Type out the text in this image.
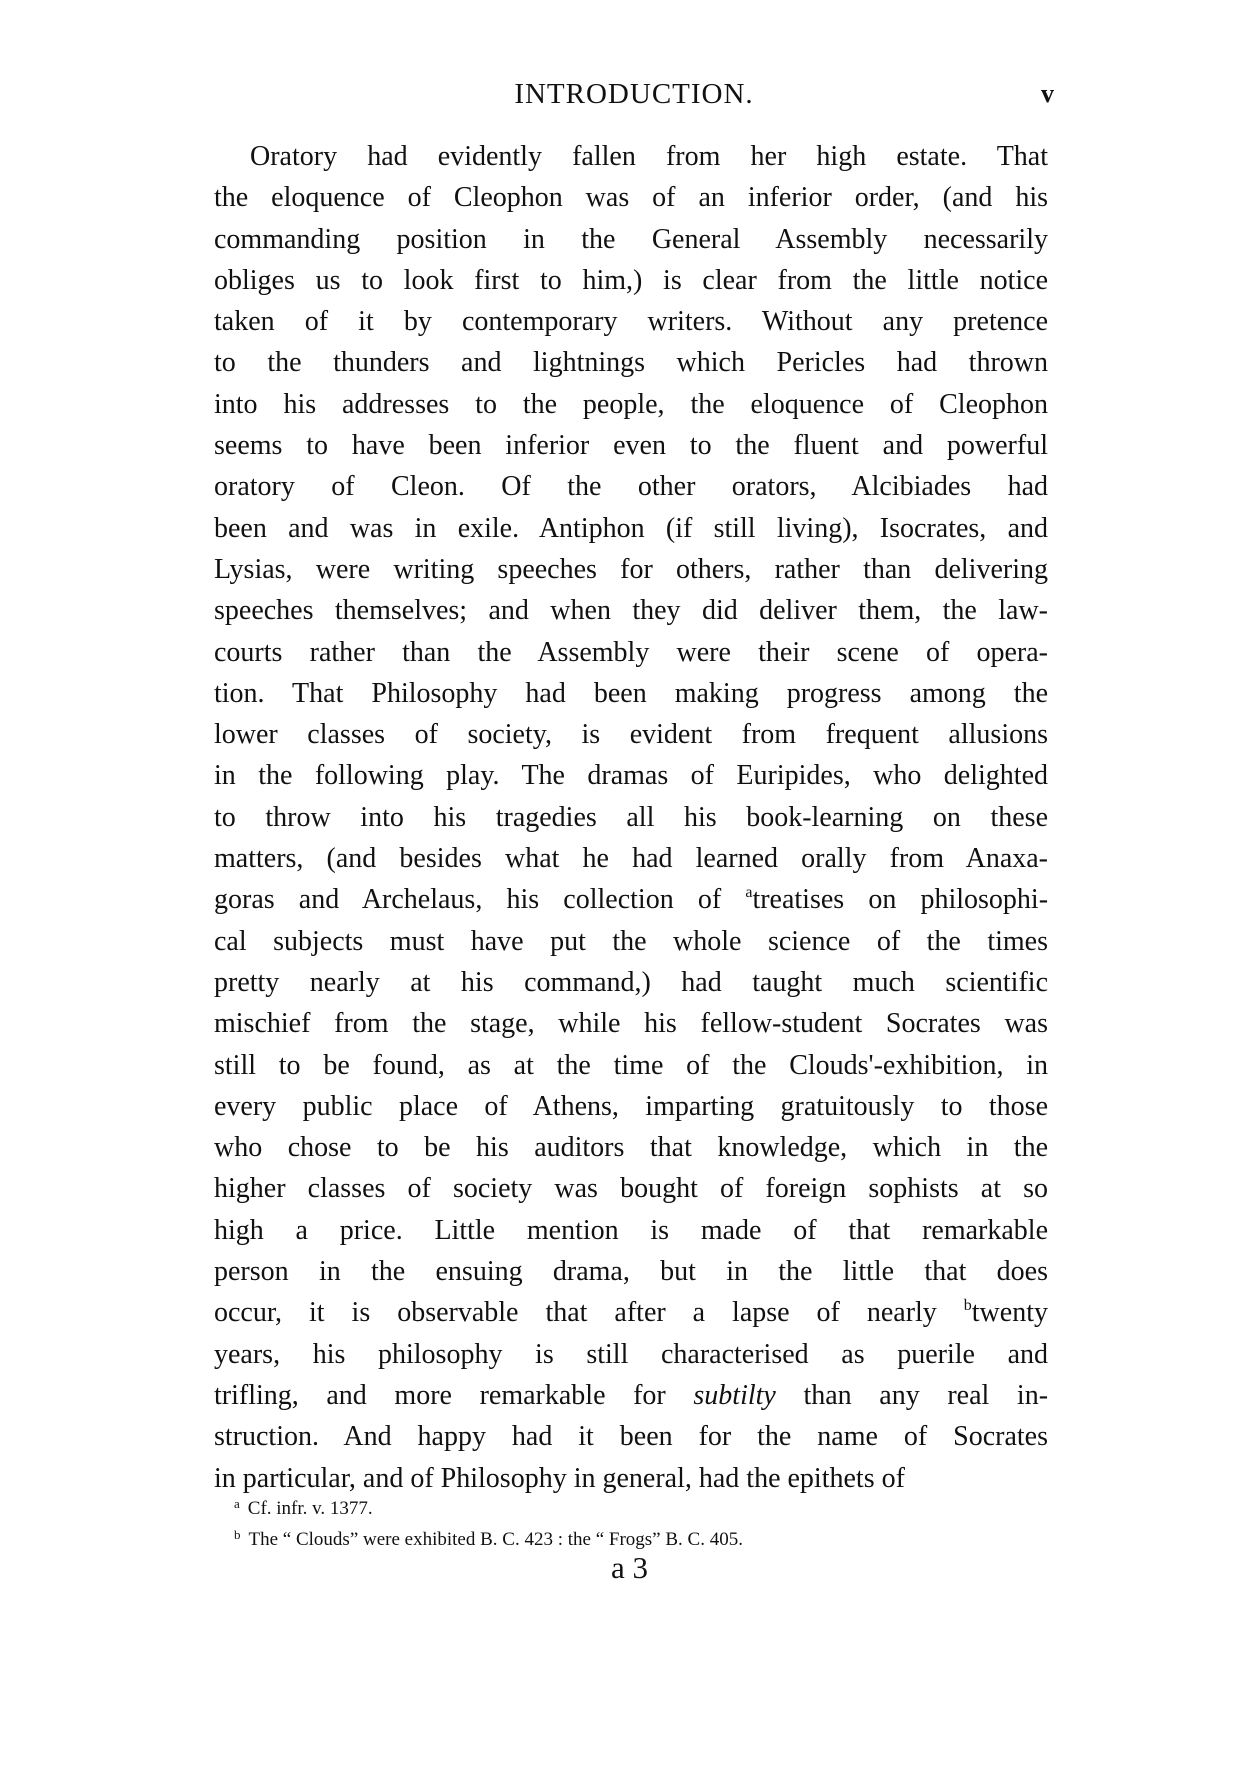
INTRODUCTION.	v
Oratory had evidently fallen from her high estate. That
the eloquence of Cleophon was of an inferior order, (and his
commanding position in the General Assembly necessarily
obliges us to look first to him,) is clear from the little notice
taken of it by contemporary writers. Without any pretence
to the thunders and lightnings which Pericles had thrown
into his addresses to the people, the eloquence of Cleophon
seems to have been inferior even to the fluent and powerful
oratory of Cleon. Of the other orators, Alcibiades had
been and was in exile. Antiphon (if still living), Isocrates, and
Lysias, were writing speeches for others, rather than delivering
speeches themselves; and when they did deliver them, the law-
courts rather than the Assembly were their scene of opera-
tion. That Philosophy had been making progress among the
lower classes of society, is evident from frequent allusions
in the following play. The dramas of Euripides, who delighted
to throw into his tragedies all his book-learning on these
matters, (and besides what he had learned orally from Anaxa-
goras and Archelaus, his collection of $^a$treatises on philosophi-
cal subjects must have put the whole science of the times
pretty nearly at his command,) had taught much scientific
mischief from the stage, while his fellow-student Socrates was
still to be found, as at the time of the Clouds'-exhibition, in
every public place of Athens, imparting gratuitously to those
who chose to be his auditors that knowledge, which in the
higher classes of society was bought of foreign sophists at so
high a price. Little mention is made of that remarkable
person in the ensuing drama, but in the little that does
occur, it is observable that after a lapse of nearly $^b$twenty
years, his philosophy is still characterised as puerile and
trifling, and more remarkable for subtilty than any real in-
struction. And happy had it been for the name of Socrates
in particular, and of Philosophy in general, had the epithets of
$^a$ Cf. infr. v. 1377.
$^b$ The “ Clouds” were exhibited B. C. 423 : the “ Frogs” B. C. 405.
a 3
